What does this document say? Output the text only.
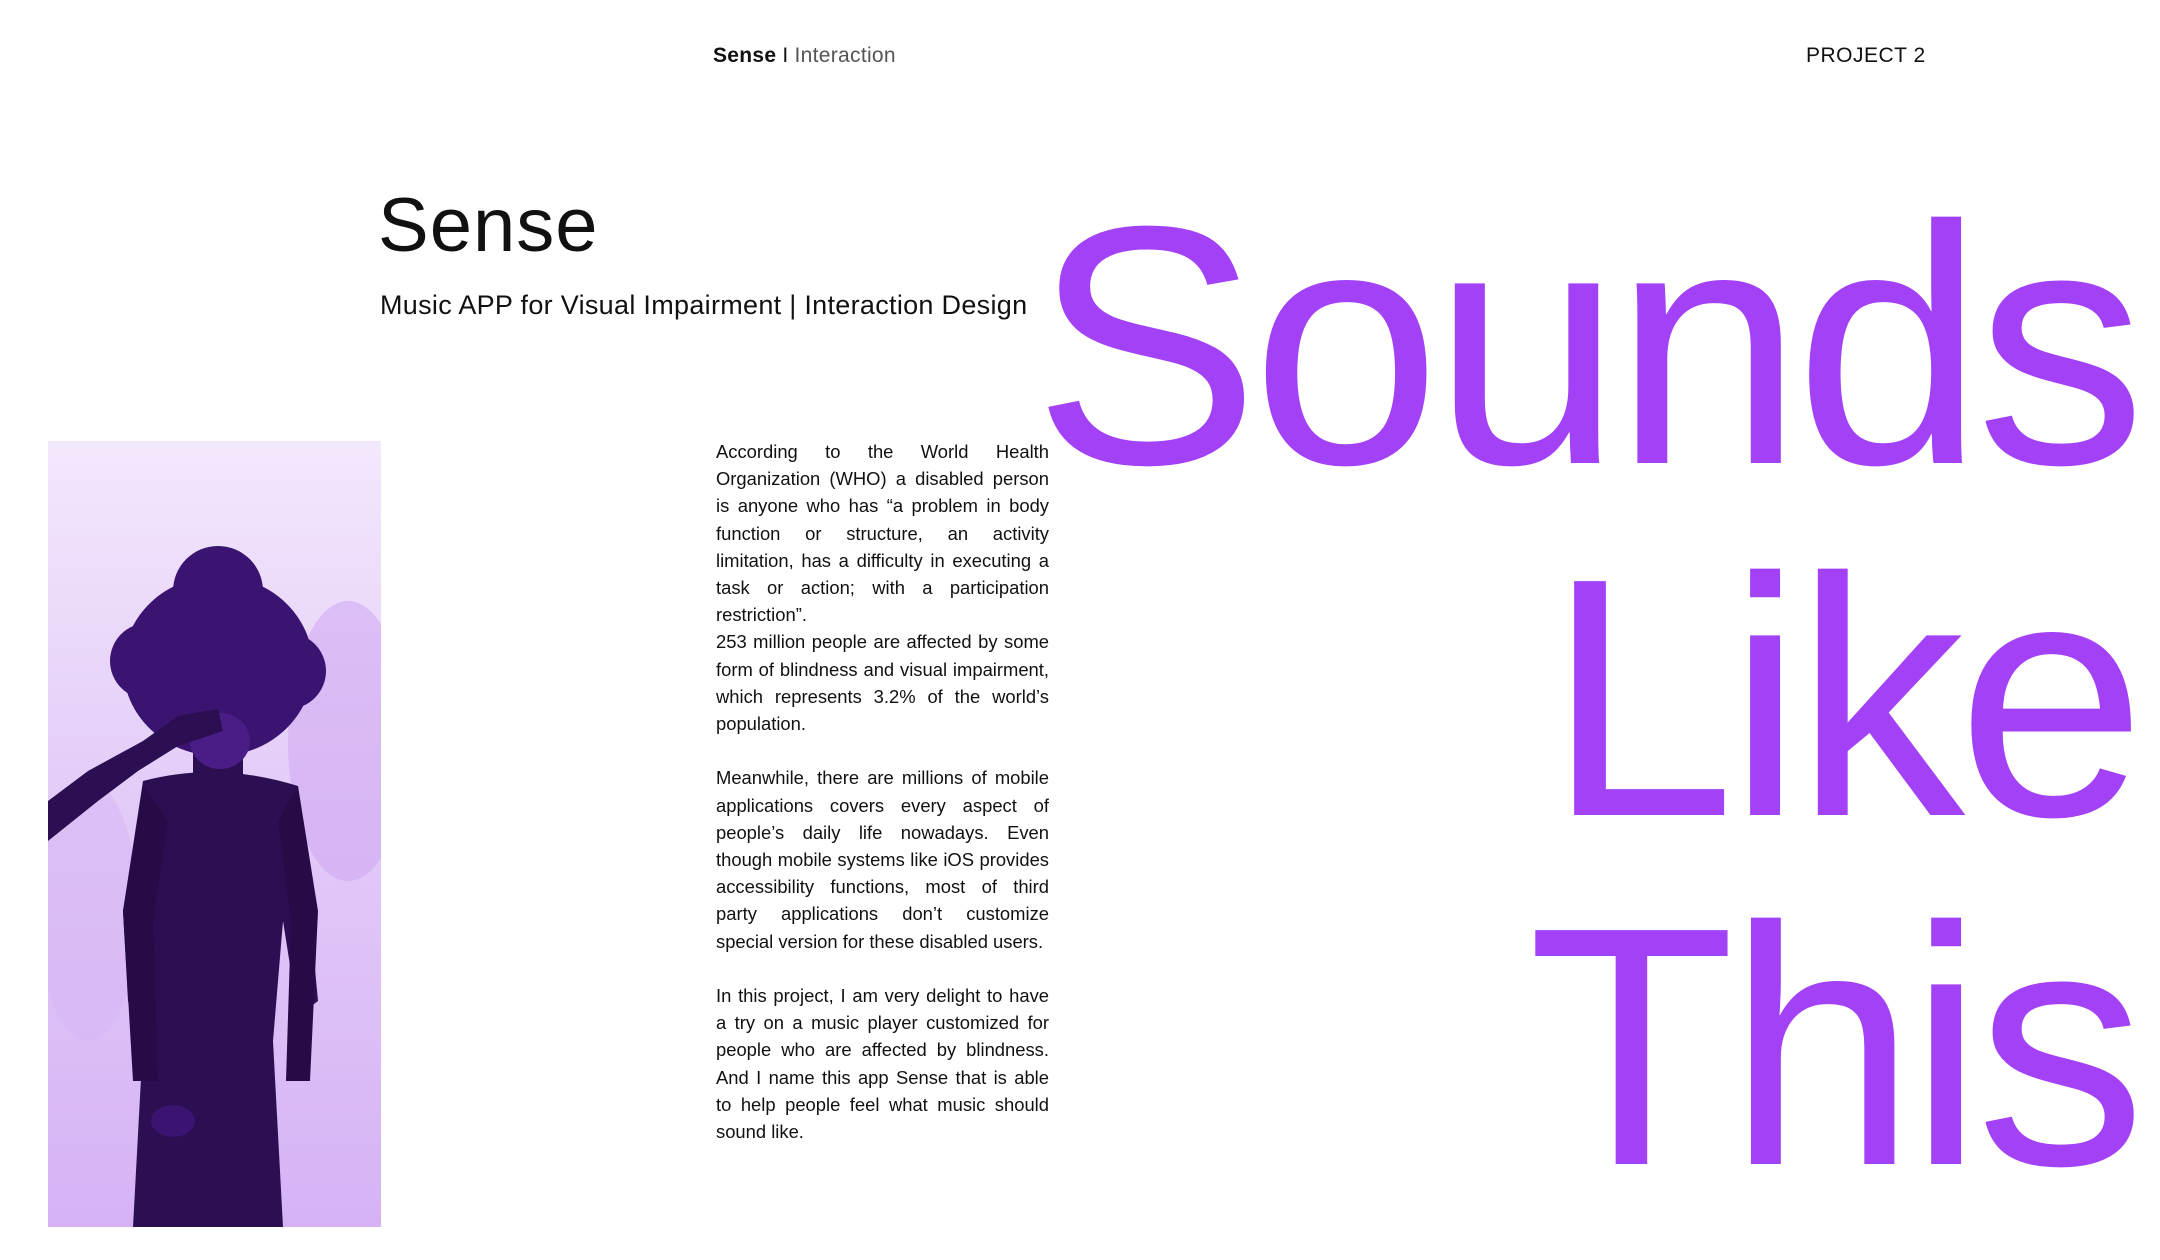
Sense I Interaction	PROJECT 2
Sense
Music APP for Visual Impairment | Interaction Design

According to the World Health Organization (WHO) a disabled person is anyone who has “a problem in body function or structure, an activity limitation, has a difficulty in executing a task or action; with a participation restriction”.

253 million people are affected by some form of blindness and visual impairment, which represents 3.2% of the world’s population.

Meanwhile, there are millions of mobile applications covers every aspect of people’s daily life nowadays. Even though mobile systems like iOS provides accessibility functions, most of third party applications don’t customize special version for these disabled users.

In this project, I am very delight to have a try on a music player customized for people who are affected by blindness. And I name this app Sense that is able to help people feel what music should sound like.

Sounds
Like
This
